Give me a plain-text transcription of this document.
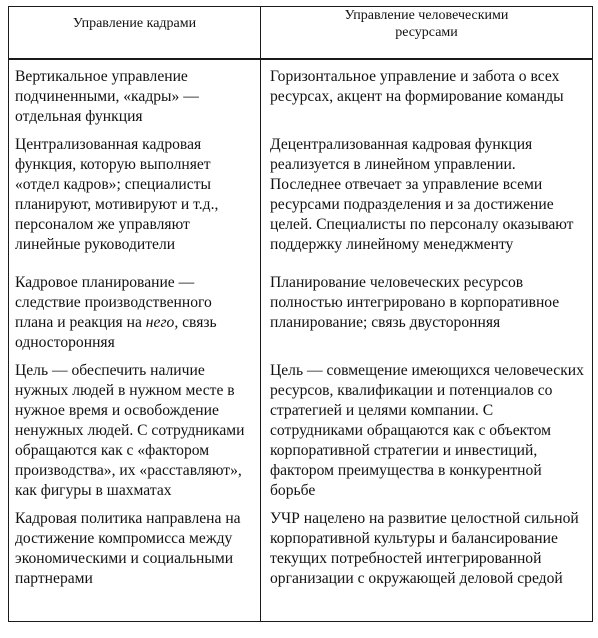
Управление кадрами	Управление человеческими
ресурсами

Вертикальное управление подчиненными, «кадры» — отдельная функция	Горизонтальное управление и забота о всех ресурсах, акцент на формирование команды

Централизованная кадровая функция, которую выполняет «отдел кадров»; специалисты планируют, мотивируют и т.д., персоналом же управляют линейные руководители	Децентрализованная кадровая функция реализуется в линейном управлении. Последнее отвечает за управление всеми ресурсами подразделения и за достижение целей. Специалисты по персоналу оказывают поддержку линейному менеджменту

Кадровое планирование — следствие производственного плана и реакция на него, связь односторонняя	Планирование человеческих ресурсов полностью интегрировано в корпоративное планирование; связь двусторонняя

Цель — обеспечить наличие нужных людей в нужном месте в нужное время и освобождение ненужных людей. С сотрудниками обращаются как с «фактором производства», их «расставляют», как фигуры в шахматах	Цель — совмещение имеющихся человеческих ресурсов, квалификации и потенциалов со стратегией и целями компании. С сотрудниками обращаются как с объектом корпоративной стратегии и инвестиций, фактором преимущества в конкурентной борьбе

Кадровая политика направлена на достижение компромисса между экономическими и социальными партнерами	УЧР нацелено на развитие целостной сильной корпоративной культуры и балансирование текущих потребностей интегрированной организации с окружающей деловой средой
